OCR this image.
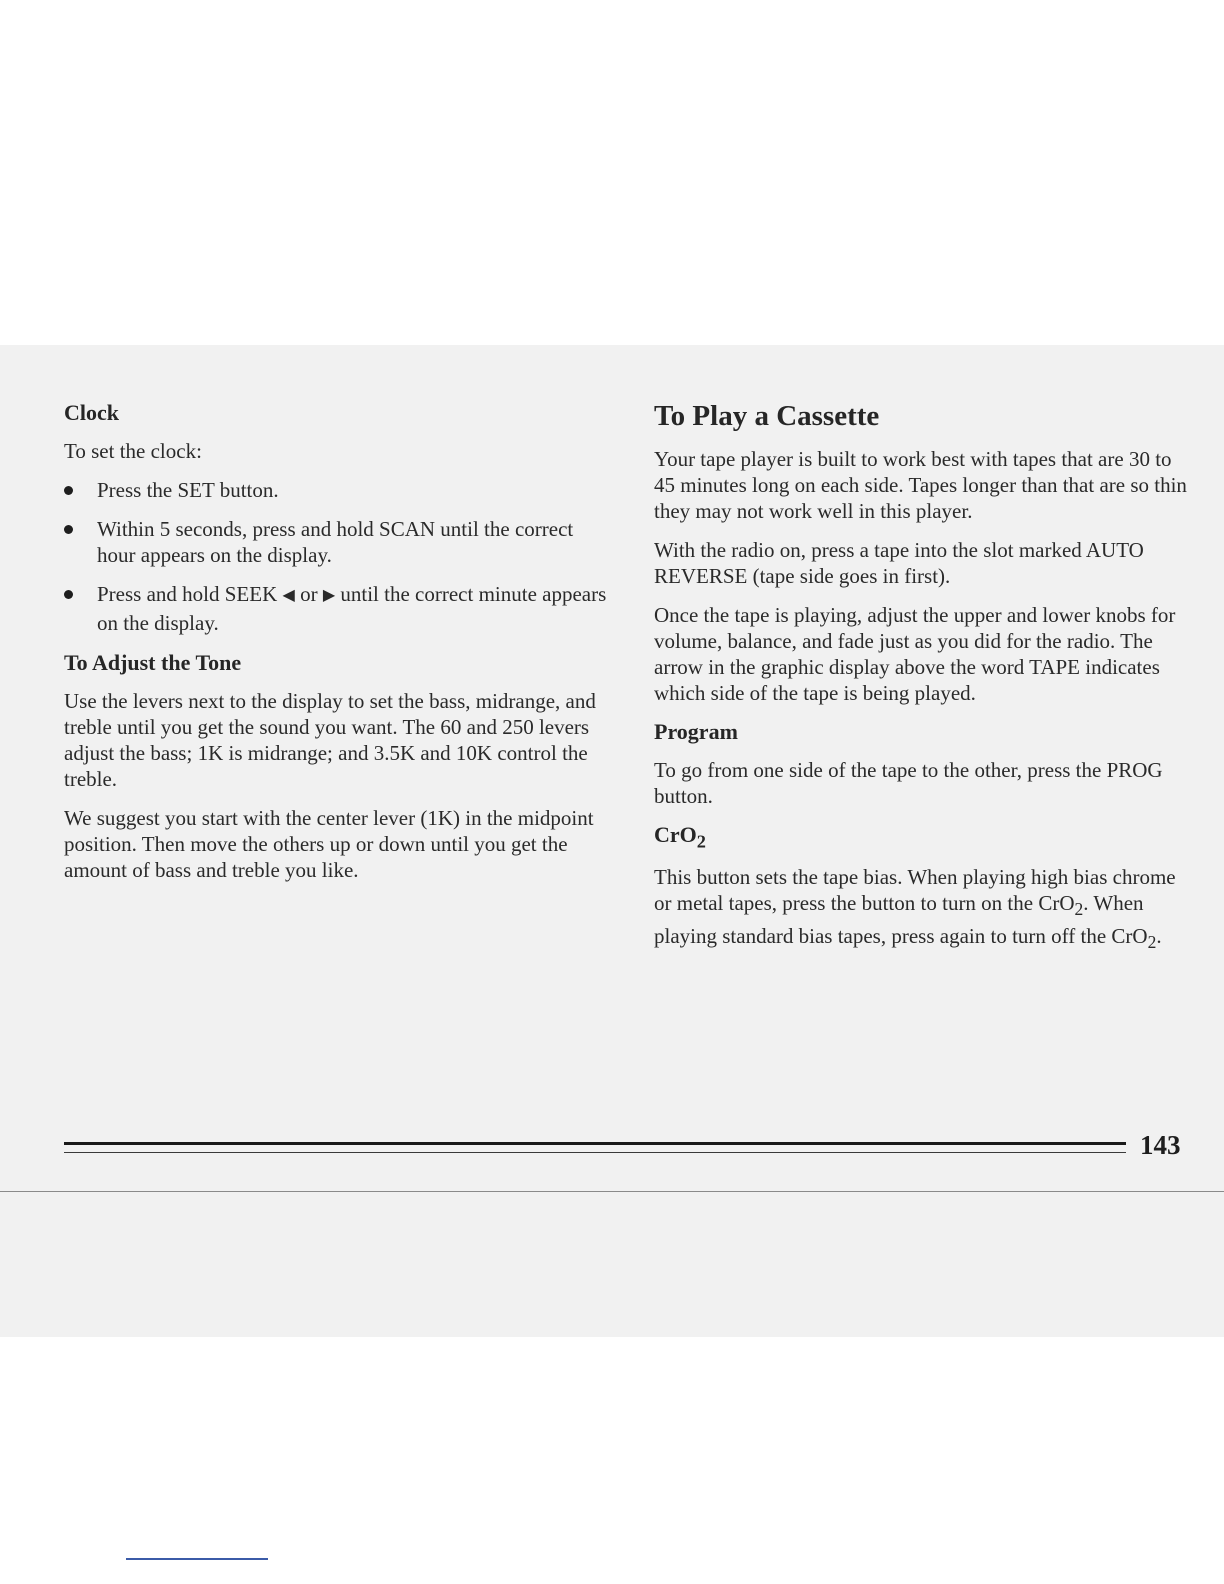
Clock

To set the clock:

Press the SET button.
Within 5 seconds, press and hold SCAN until the correct hour appears on the display.
Press and hold SEEK ◀ or ▶ until the correct minute appears on the display.
To Adjust the Tone

Use the levers next to the display to set the bass, midrange, and treble until you get the sound you want. The 60 and 250 levers adjust the bass; 1K is midrange; and 3.5K and 10K control the treble.

We suggest you start with the center lever (1K) in the midpoint position. Then move the others up or down until you get the amount of bass and treble you like.

To Play a Cassette

Your tape player is built to work best with tapes that are 30 to 45 minutes long on each side. Tapes longer than that are so thin they may not work well in this player.

With the radio on, press a tape into the slot marked AUTO REVERSE (tape side goes in first).

Once the tape is playing, adjust the upper and lower knobs for volume, balance, and fade just as you did for the radio. The arrow in the graphic display above the word TAPE indicates which side of the tape is being played.

Program

To go from one side of the tape to the other, press the PROG button.

CrO$_2$

This button sets the tape bias. When playing high bias chrome or metal tapes, press the button to turn on the CrO$_2$. When playing standard bias tapes, press again to turn off the CrO$_2$.

143
